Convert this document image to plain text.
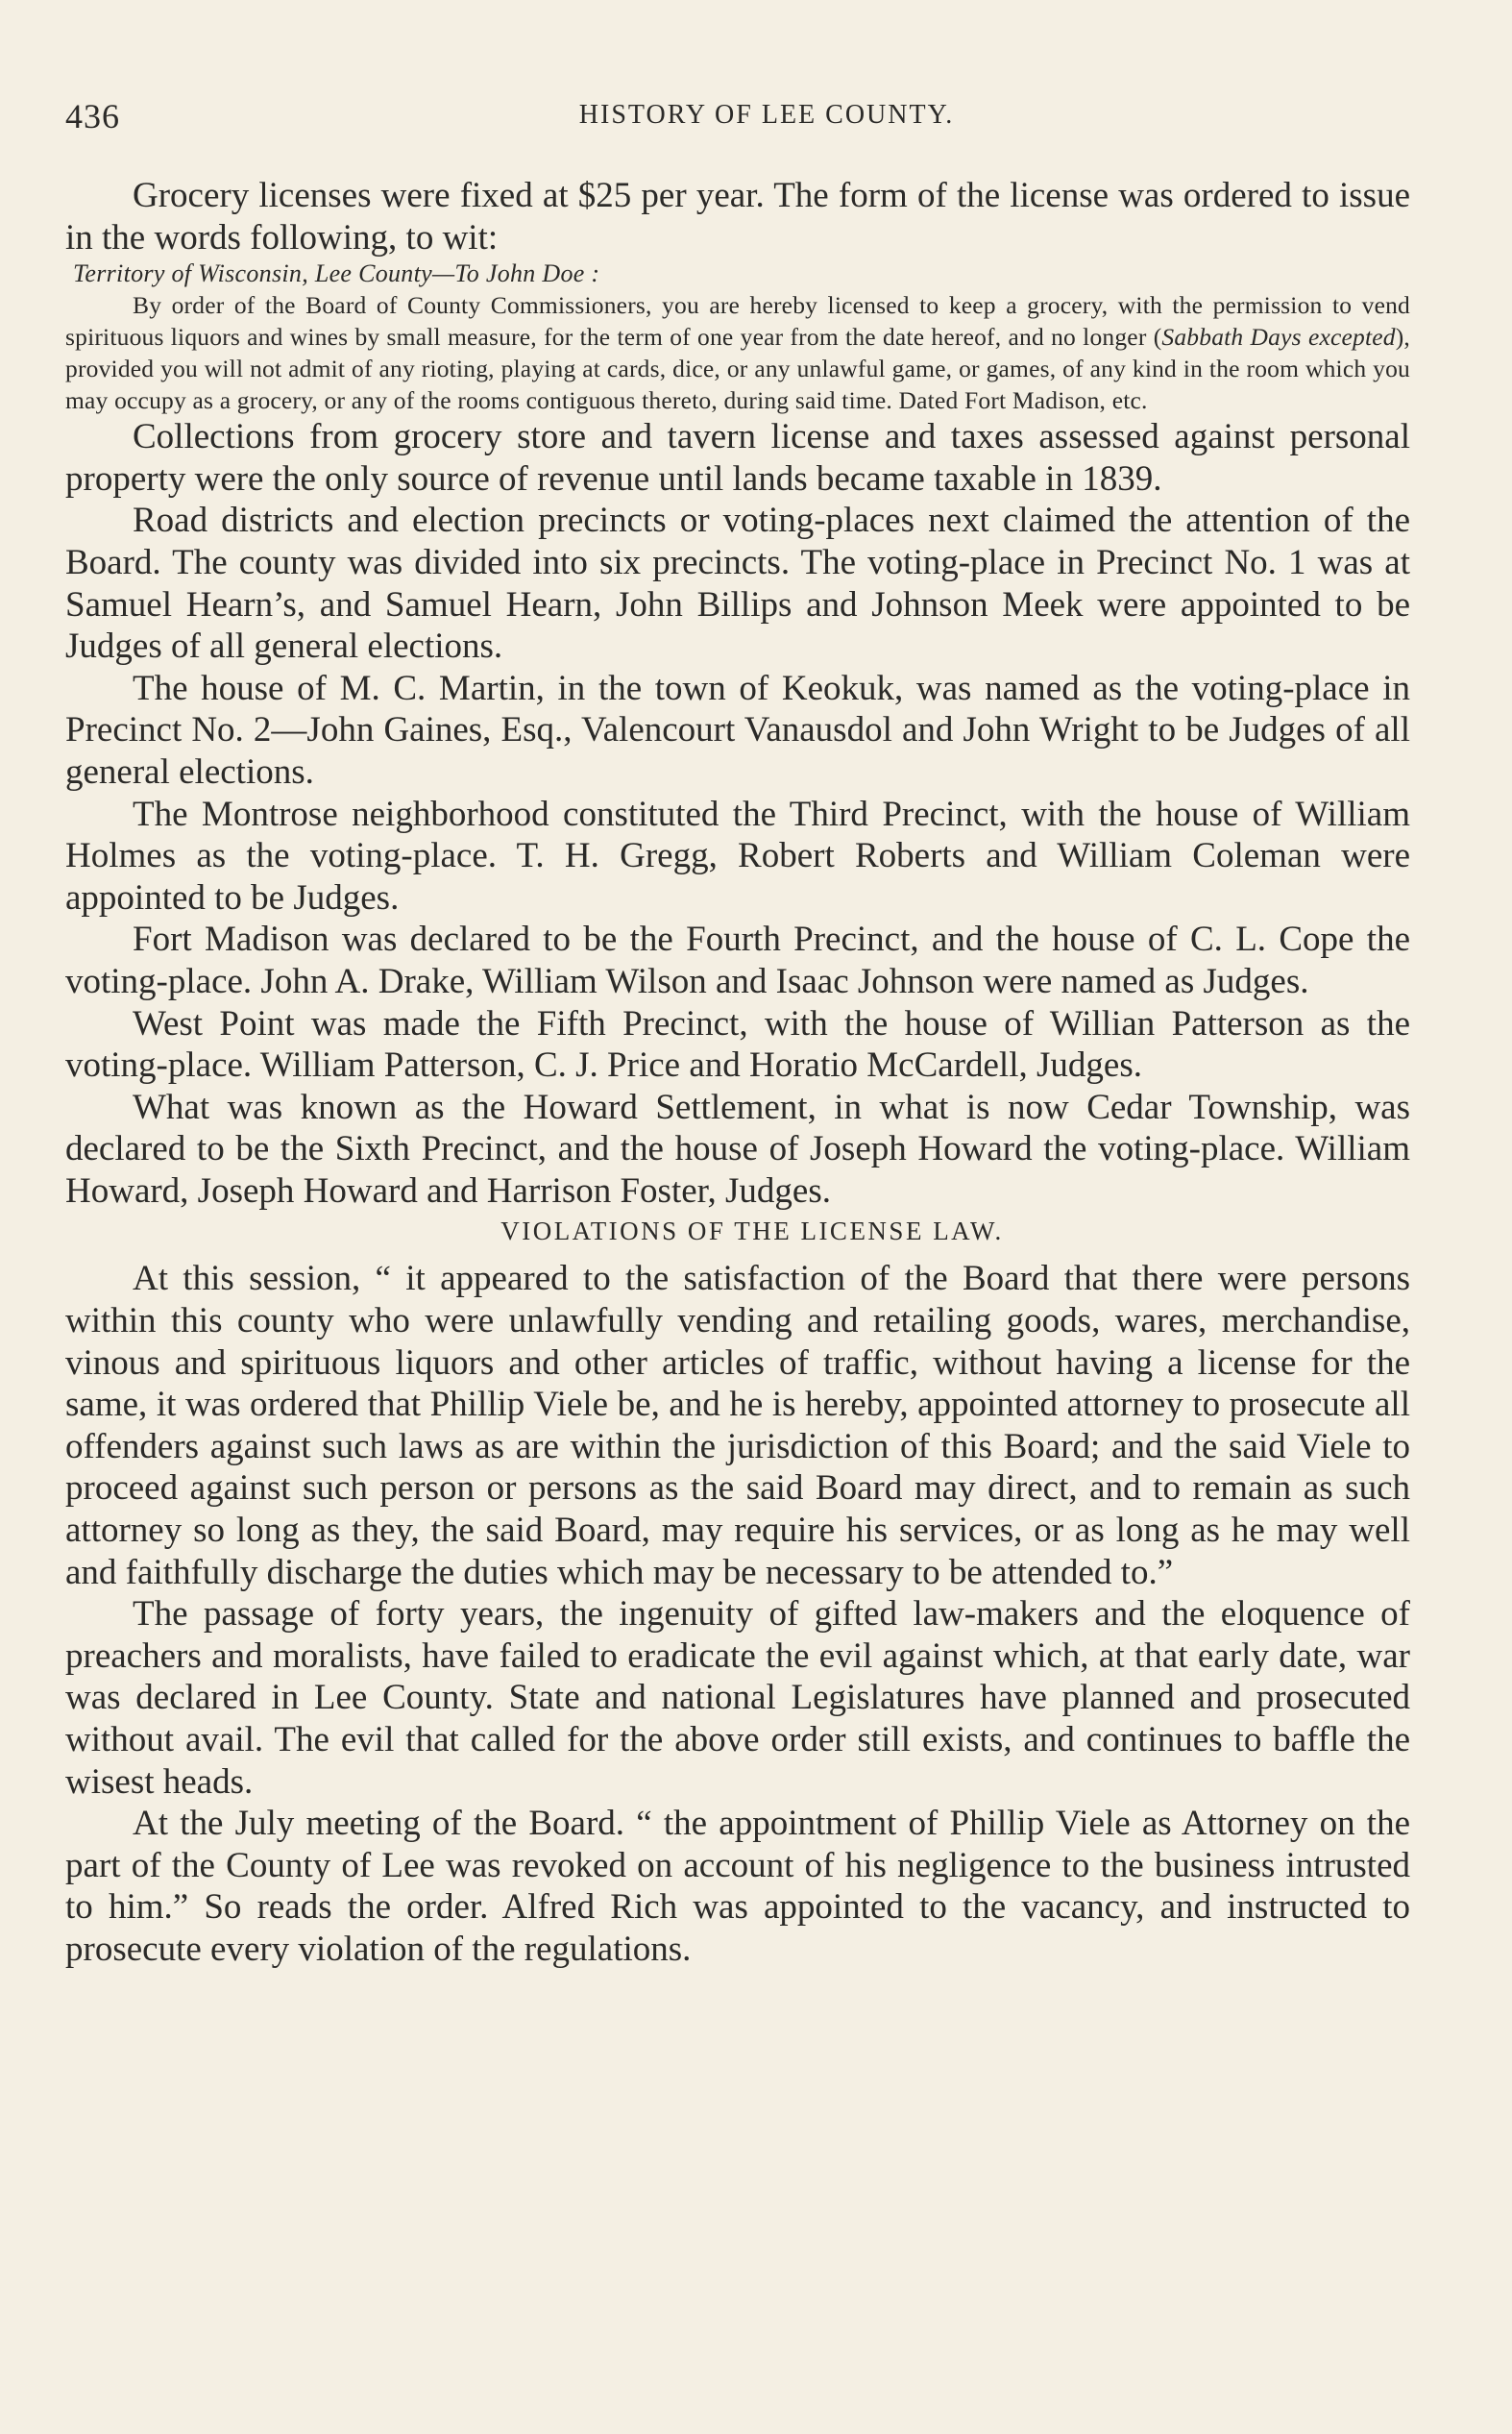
436	HISTORY OF LEE COUNTY.

Grocery licenses were fixed at $25 per year. The form of the license was ordered to issue in the words following, to wit:

Territory of Wisconsin, Lee County—To John Doe :

By order of the Board of County Commissioners, you are hereby licensed to keep a grocery, with the permission to vend spirituous liquors and wines by small measure, for the term of one year from the date hereof, and no longer (Sabbath Days excepted), provided you will not admit of any rioting, playing at cards, dice, or any unlawful game, or games, of any kind in the room which you may occupy as a grocery, or any of the rooms contiguous thereto, during said time. Dated Fort Madison, etc.

Collections from grocery store and tavern license and taxes assessed against personal property were the only source of revenue until lands became taxable in 1839.

Road districts and election precincts or voting-places next claimed the attention of the Board. The county was divided into six precincts. The voting-place in Precinct No. 1 was at Samuel Hearn’s, and Samuel Hearn, John Billips and Johnson Meek were appointed to be Judges of all general elections.

The house of M. C. Martin, in the town of Keokuk, was named as the voting-place in Precinct No. 2—John Gaines, Esq., Valencourt Vanausdol and John Wright to be Judges of all general elections.

The Montrose neighborhood constituted the Third Precinct, with the house of William Holmes as the voting-place. T. H. Gregg, Robert Roberts and William Coleman were appointed to be Judges.

Fort Madison was declared to be the Fourth Precinct, and the house of C. L. Cope the voting-place. John A. Drake, William Wilson and Isaac Johnson were named as Judges.

West Point was made the Fifth Precinct, with the house of Willian Patterson as the voting-place. William Patterson, C. J. Price and Horatio McCardell, Judges.

What was known as the Howard Settlement, in what is now Cedar Township, was declared to be the Sixth Precinct, and the house of Joseph Howard the voting-place. William Howard, Joseph Howard and Harrison Foster, Judges.

VIOLATIONS OF THE LICENSE LAW.

At this session, “ it appeared to the satisfaction of the Board that there were persons within this county who were unlawfully vending and retailing goods, wares, merchandise, vinous and spirituous liquors and other articles of traffic, without having a license for the same, it was ordered that Phillip Viele be, and he is hereby, appointed attorney to prosecute all offenders against such laws as are within the jurisdiction of this Board; and the said Viele to proceed against such person or persons as the said Board may direct, and to remain as such attorney so long as they, the said Board, may require his services, or as long as he may well and faithfully discharge the duties which may be necessary to be attended to.”

The passage of forty years, the ingenuity of gifted law-makers and the eloquence of preachers and moralists, have failed to eradicate the evil against which, at that early date, war was declared in Lee County. State and national Legislatures have planned and prosecuted without avail. The evil that called for the above order still exists, and continues to baffle the wisest heads.

At the July meeting of the Board. “ the appointment of Phillip Viele as Attorney on the part of the County of Lee was revoked on account of his negligence to the business intrusted to him.” So reads the order. Alfred Rich was appointed to the vacancy, and instructed to prosecute every violation of the regulations.
